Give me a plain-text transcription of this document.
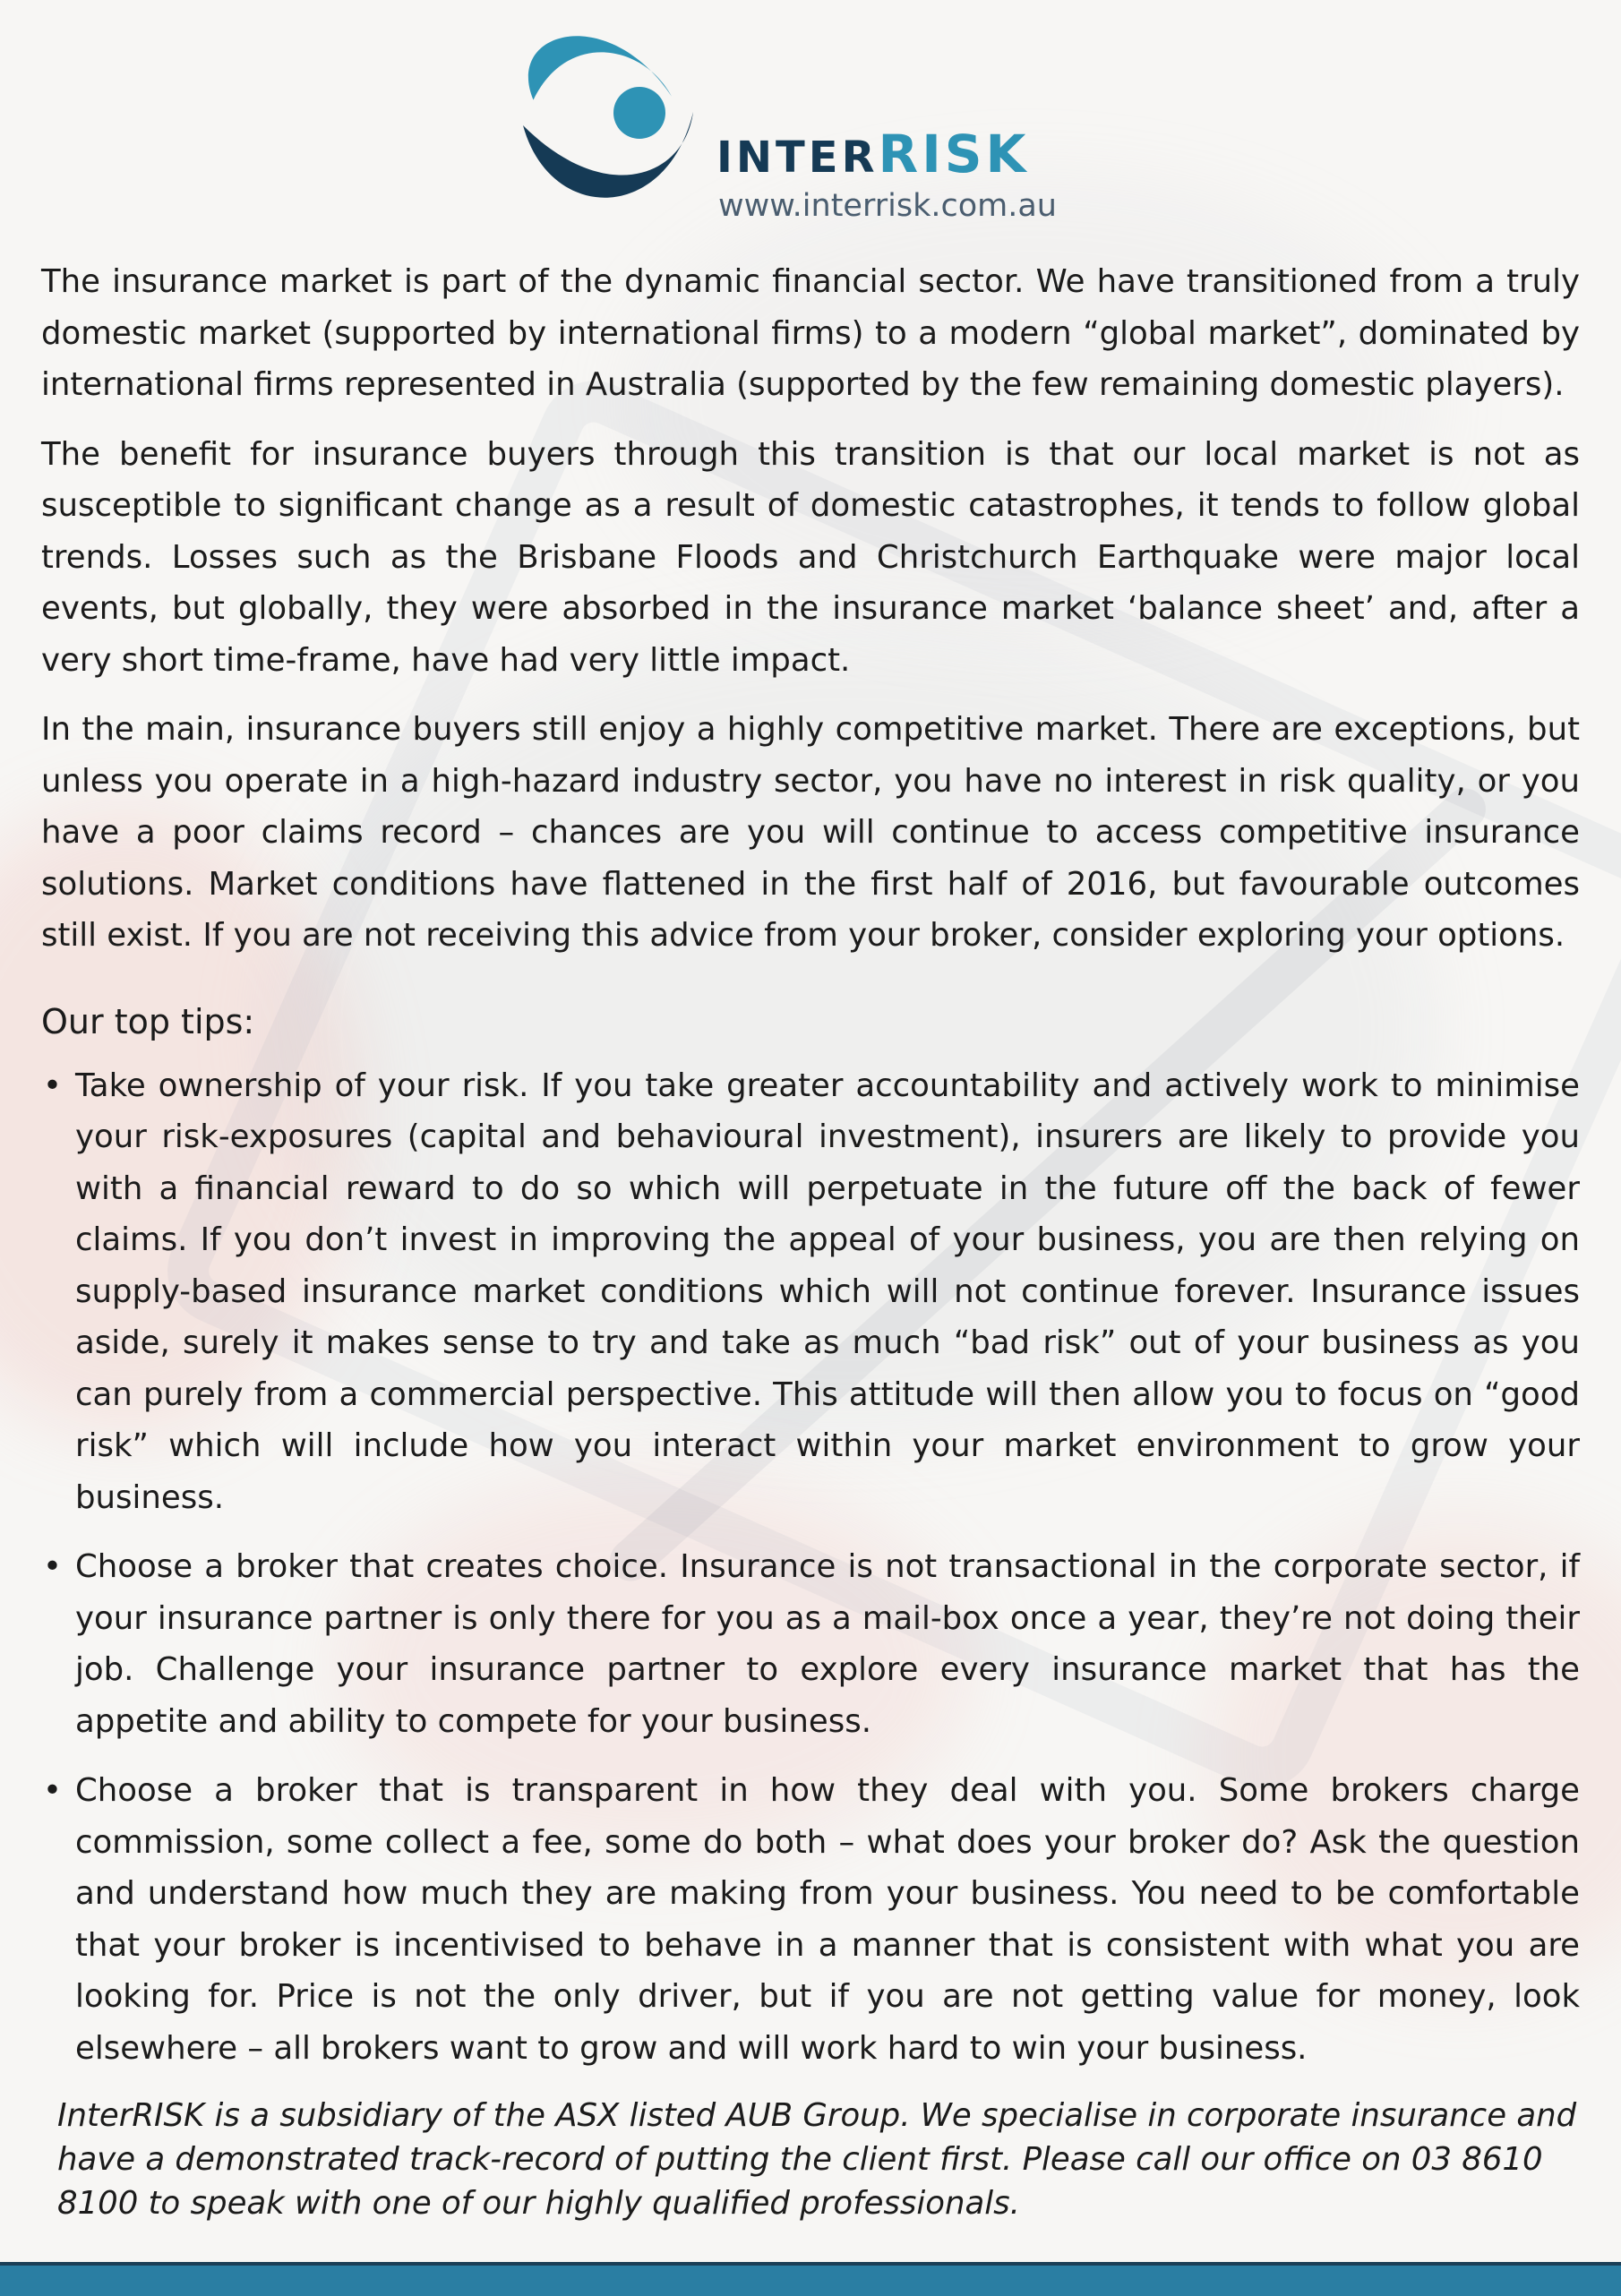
INTERRISK
www.interrisk.com.au

The insurance market is part of the dynamic financial sector. We have transitioned from a truly domestic market (supported by international firms) to a modern “global market”, dominated by international firms represented in Australia (supported by the few remaining domestic players).

The benefit for insurance buyers through this transition is that our local market is not as susceptible to significant change as a result of domestic catastrophes, it tends to follow global trends. Losses such as the Brisbane Floods and Christchurch Earthquake were major local events, but globally, they were absorbed in the insurance market ‘balance sheet’ and, after a very short time-frame, have had very little impact.

In the main, insurance buyers still enjoy a highly competitive market. There are exceptions, but unless you operate in a high-hazard industry sector, you have no interest in risk quality, or you have a poor claims record – chances are you will continue to access competitive insurance solutions. Market conditions have flattened in the first half of 2016, but favourable outcomes still exist. If you are not receiving this advice from your broker, consider exploring your options.

Our top tips:
• Take ownership of your risk. If you take greater accountability and actively work to minimise your risk-exposures (capital and behavioural investment), insurers are likely to provide you with a financial reward to do so which will perpetuate in the future off the back of fewer claims. If you don’t invest in improving the appeal of your business, you are then relying on supply-based insurance market conditions which will not continue forever. Insurance issues aside, surely it makes sense to try and take as much “bad risk” out of your business as you can purely from a commercial perspective. This attitude will then allow you to focus on “good risk” which will include how you interact within your market environment to grow your business.
• Choose a broker that creates choice. Insurance is not transactional in the corporate sector, if your insurance partner is only there for you as a mail-box once a year, they’re not doing their job. Challenge your insurance partner to explore every insurance market that has the appetite and ability to compete for your business.
• Choose a broker that is transparent in how they deal with you. Some brokers charge commission, some collect a fee, some do both – what does your broker do? Ask the question and understand how much they are making from your business. You need to be comfortable that your broker is incentivised to behave in a manner that is consistent with what you are looking for. Price is not the only driver, but if you are not getting value for money, look elsewhere – all brokers want to grow and will work hard to win your business.
InterRISK is a subsidiary of the ASX listed AUB Group. We specialise in corporate insurance and have a demonstrated track-record of putting the client first. Please call our office on 03 8610 8100 to speak with one of our highly qualified professionals.
